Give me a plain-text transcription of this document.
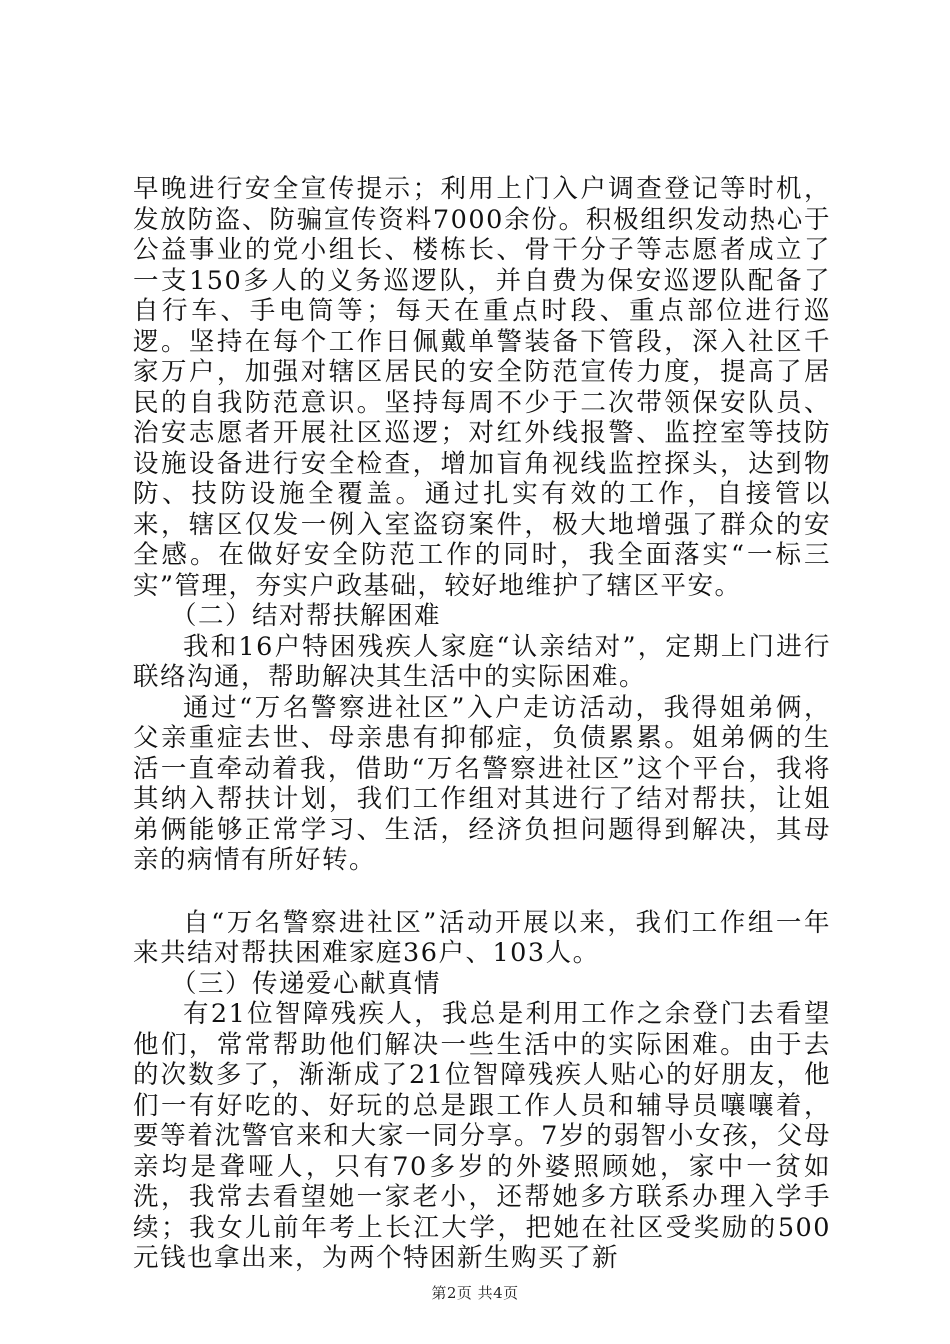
早晚进行安全宣传提示；利用上门入户调查登记等时机，发放防盗、防骗宣传资料7000余份。积极组织发动热心于公益事业的党小组长、楼栋长、骨干分子等志愿者成立了一支150多人的义务巡逻队，并自费为保安巡逻队配备了自行车、手电筒等；每天在重点时段、重点部位进行巡逻。坚持在每个工作日佩戴单警装备下管段，深入社区千家万户，加强对辖区居民的安全防范宣传力度，提高了居民的自我防范意识。坚持每周不少于二次带领保安队员、治安志愿者开展社区巡逻；对红外线报警、监控室等技防设施设备进行安全检查，增加盲角视线监控探头，达到物防、技防设施全覆盖。通过扎实有效的工作，自接管以来，辖区仅发一例入室盗窃案件，极大地增强了群众的安全感。在做好安全防范工作的同时，我全面落实“一标三实”管理，夯实户政基础，较好地维护了辖区平安。

（二）结对帮扶解困难

我和16户特困残疾人家庭“认亲结对”，定期上门进行联络沟通，帮助解决其生活中的实际困难。

通过“万名警察进社区”入户走访活动，我得姐弟俩，父亲重症去世、母亲患有抑郁症，负债累累。姐弟俩的生活一直牵动着我，借助“万名警察进社区”这个平台，我将其纳入帮扶计划，我们工作组对其进行了结对帮扶，让姐弟俩能够正常学习、生活，经济负担问题得到解决，其母亲的病情有所好转。

自“万名警察进社区”活动开展以来，我们工作组一年来共结对帮扶困难家庭36户、103人。

（三）传递爱心献真情

有21位智障残疾人，我总是利用工作之余登门去看望他们，常常帮助他们解决一些生活中的实际困难。由于去的次数多了，渐渐成了21位智障残疾人贴心的好朋友，他们一有好吃的、好玩的总是跟工作人员和辅导员嚷嚷着，要等着沈警官来和大家一同分享。7岁的弱智小女孩，父母亲均是聋哑人，只有70多岁的外婆照顾她，家中一贫如洗，我常去看望她一家老小，还帮她多方联系办理入学手续；我女儿前年考上长江大学，把她在社区受奖励的500元钱也拿出来，为两个特困新生购买了新

第2页 共4页
